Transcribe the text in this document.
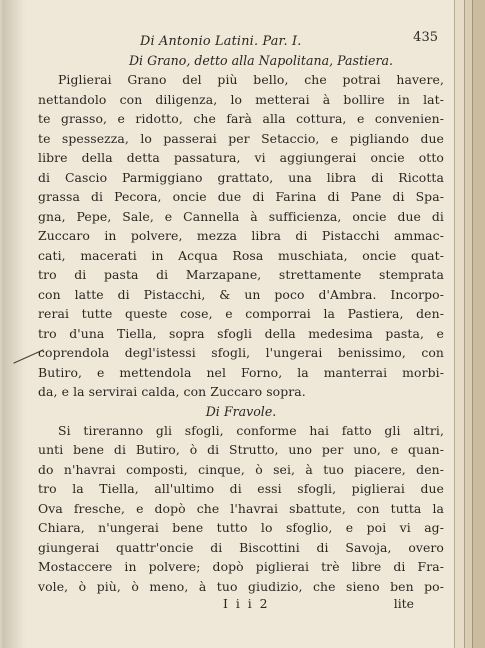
Di Antonio Latini. Par. I.	435
Di Grano, detto alla Napolitana, Pastiera.
Piglierai Grano del più bello, che potrai havere,
nettandolo con diligenza, lo metterai à bollire in lat-
te grasso, e ridotto, che farà alla cottura, e convenien-
te spessezza, lo passerai per Setaccio, e pigliando due
libre della detta passatura, vi aggiungerai oncie otto
di Cascio Parmiggiano grattato, una libra di Ricotta
grassa di Pecora, oncie due di Farina di Pane di Spa-
gna, Pepe, Sale, e Cannella à sufficienza, oncie due di
Zuccaro in polvere, mezza libra di Pistacchi ammac-
cati, macerati in Acqua Rosa muschiata, oncie quat-
tro di pasta di Marzapane, strettamente stemprata
con latte di Pistacchi, & un poco d'Ambra. Incorpo-
rerai tutte queste cose, e comporrai la Pastiera, den-
tro d'una Tiella, sopra sfogli della medesima pasta, e
coprendola degl'istessi sfogli, l'ungerai benissimo, con
Butiro, e mettendola nel Forno, la manterrai morbi-
da, e la servirai calda, con Zuccaro sopra.
Di Fravole.
Si tireranno gli sfogli, conforme hai fatto gli altri,
unti bene di Butiro, ò di Strutto, uno per uno, e quan-
do n'havrai composti, cinque, ò sei, à tuo piacere, den-
tro la Tiella, all'ultimo di essi sfogli, piglierai due
Ova fresche, e dopò che l'havrai sbattute, con tutta la
Chiara, n'ungerai bene tutto lo sfoglio, e poi vi ag-
giungerai quattr'oncie di Biscottini di Savoja, overo
Mostaccere in polvere; dopò piglierai trè libre di Fra-
vole, ò più, ò meno, à tuo giudizio, che sieno ben po-
I i i 2	lite
